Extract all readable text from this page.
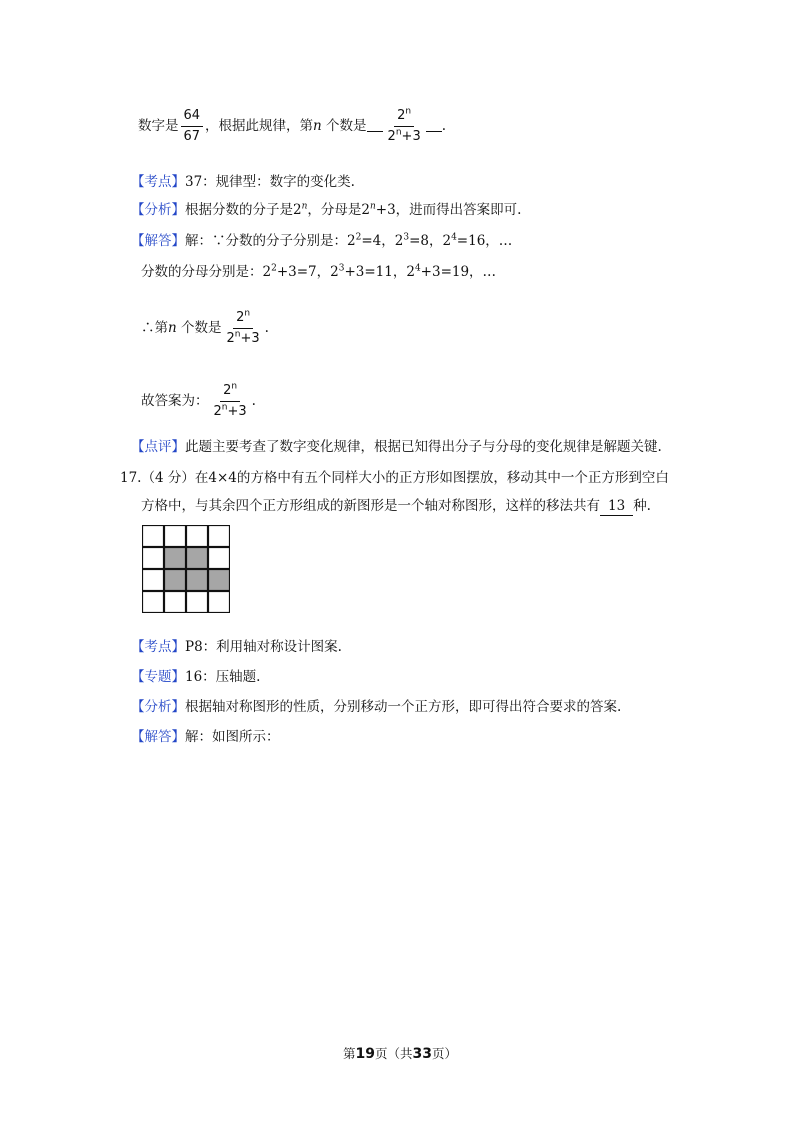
数字是 $\frac{64}{67}$ ，根据此规律，第n 个数是 $\frac{2^n}{2^n+3}$ .
【考点】37：规律型：数字的变化类.
【分析】根据分数的分子是2$^n$，分母是$2^n+3$，进而得出答案即可.
【解答】解：∵分数的分子分别是：$2^2=4$，$2^3=8$，$2^4=16$，…
分数的分母分别是：$2^2+3=7$，$2^3+3=11$，$2^4+3=19$，…
∴第n 个数是 $\frac{2^n}{2^n+3}$ .
故答案为： $\frac{2^n}{2^n+3}$ .
【点评】此题主要考查了数字变化规律，根据已知得出分子与分母的变化规律是解题关键.
17.（4 分）在4×4的方格中有五个同样大小的正方形如图摆放，移动其中一个正方形到空白
方格中，与其余四个正方形组成的新图形是一个轴对称图形，这样的移法共有 13 种.
【考点】P8：利用轴对称设计图案.
【专题】16：压轴题.
【分析】根据轴对称图形的性质，分别移动一个正方形，即可得出符合要求的答案.
【解答】解：如图所示：
第19页（共33页）
